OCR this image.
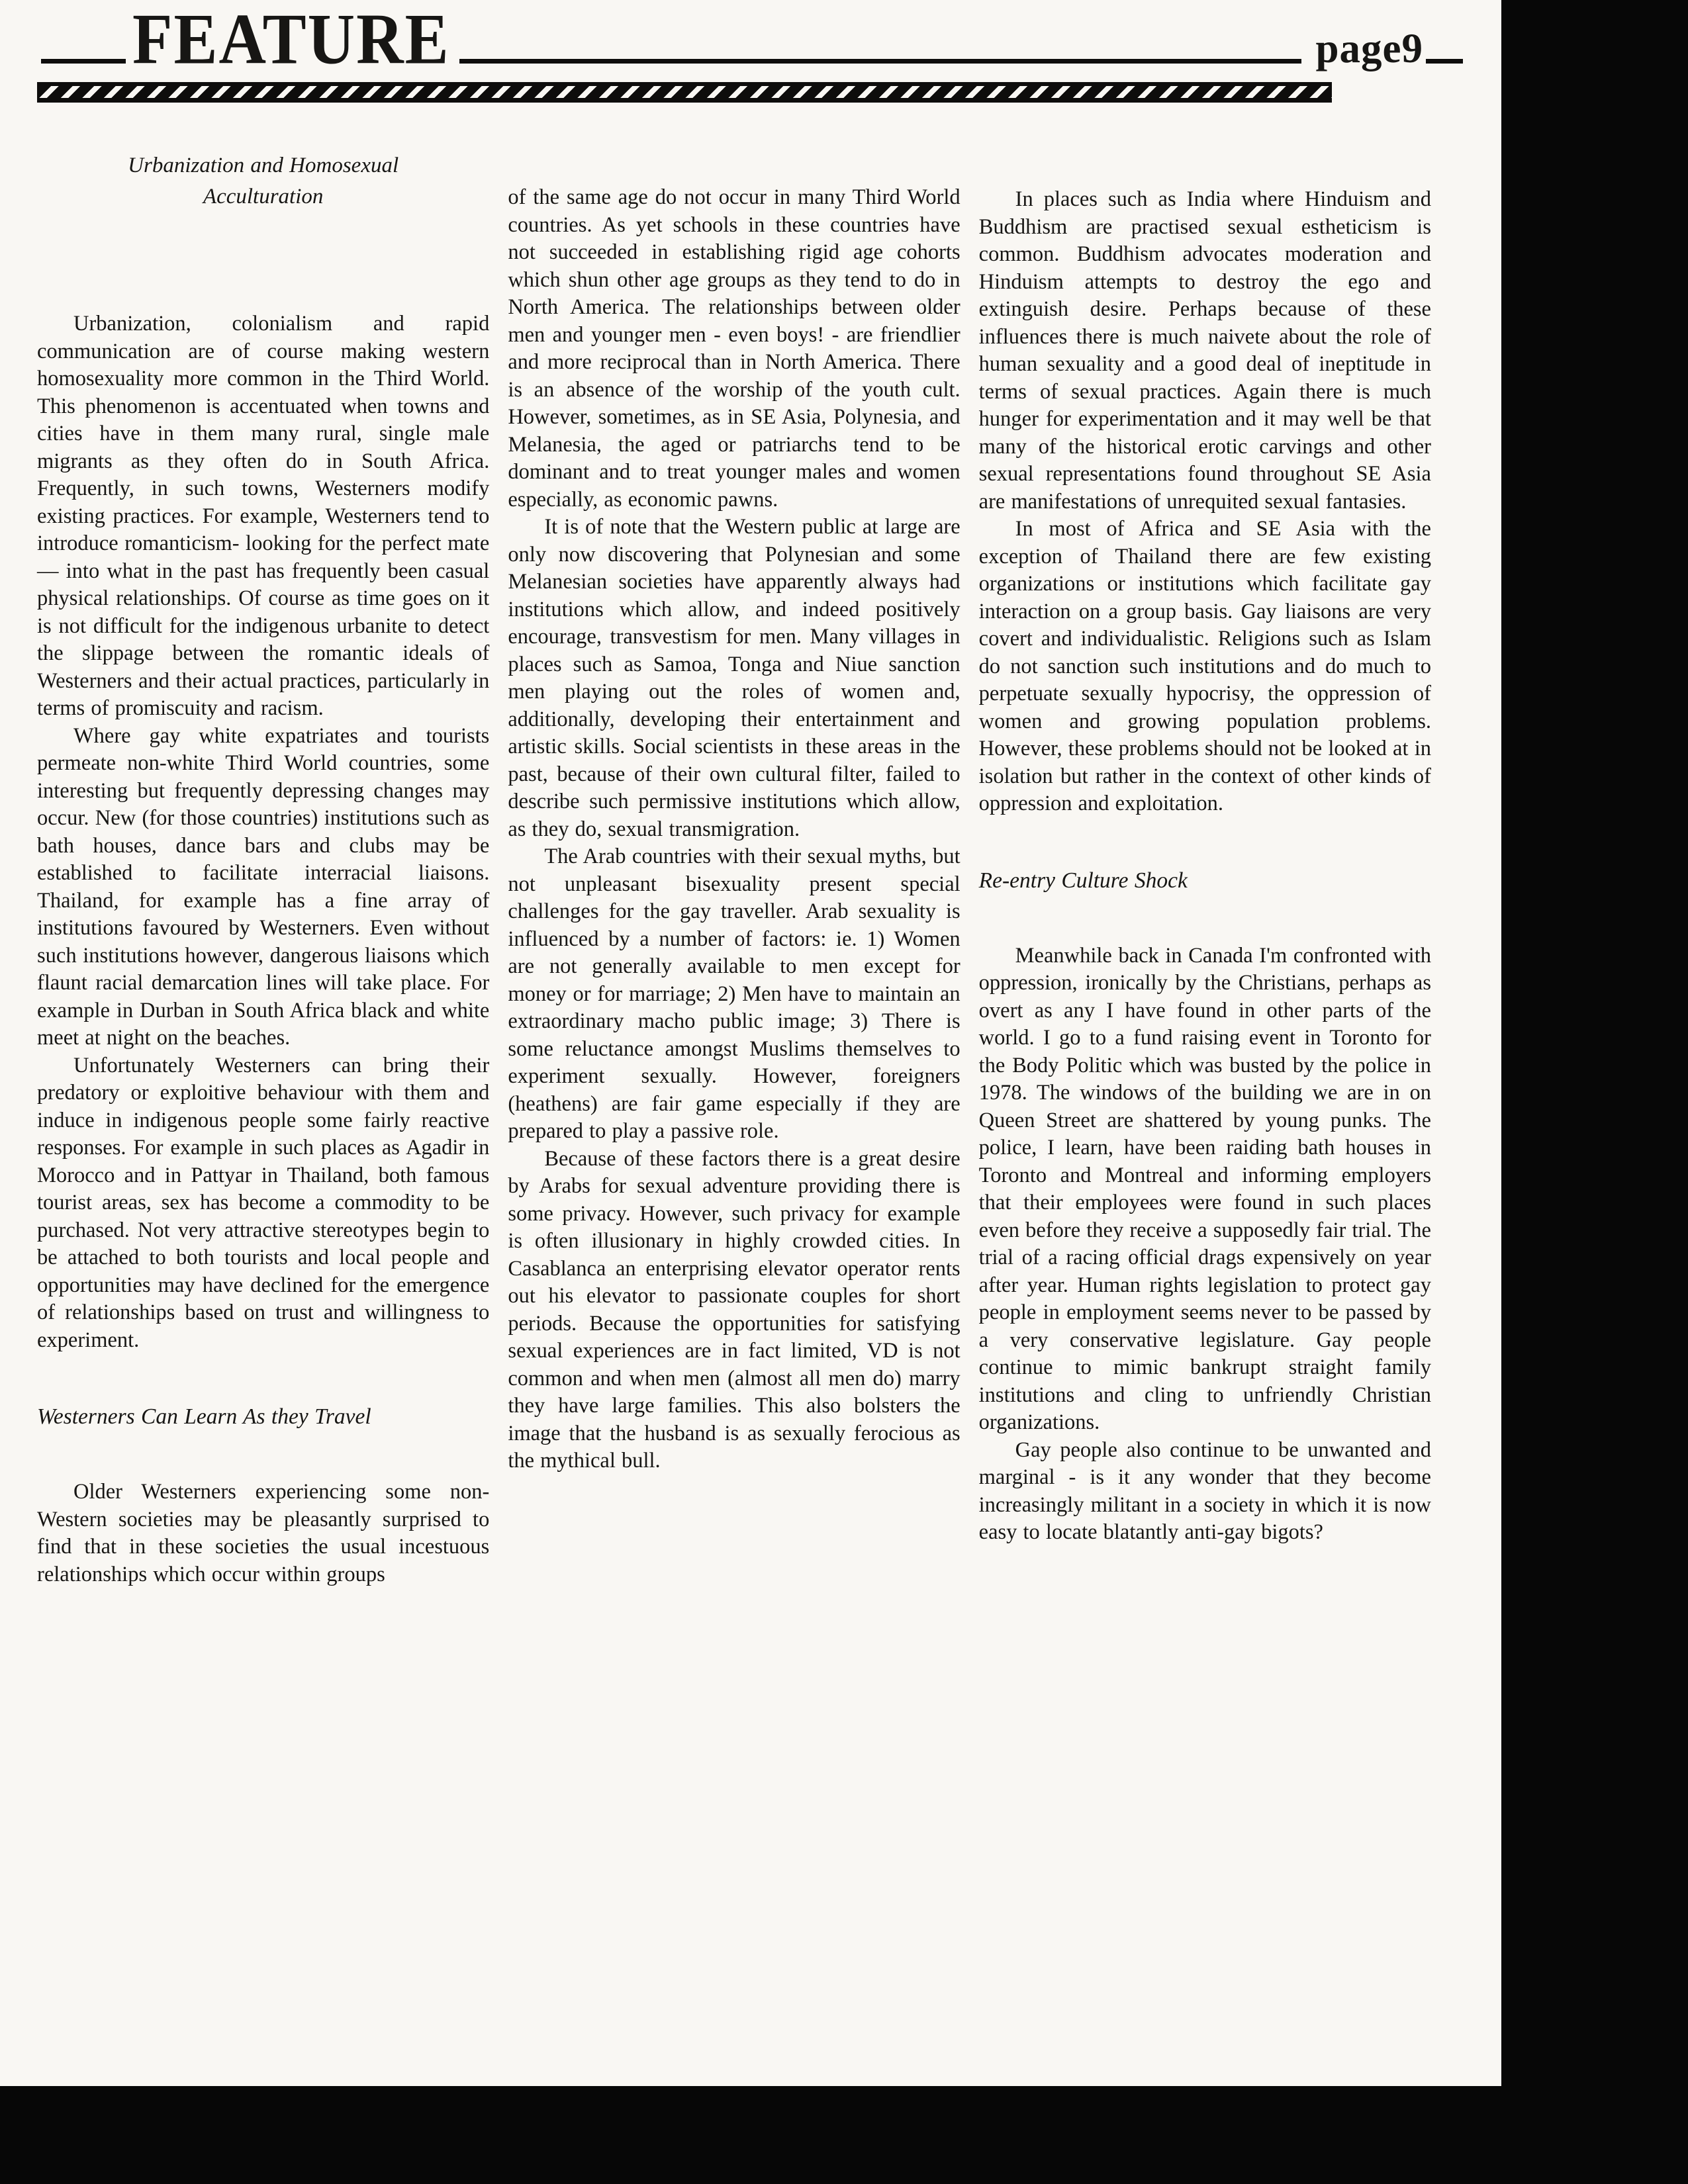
FEATURE	page9
Urbanization and Homosexual Acculturation

Urbanization, colonialism and rapid communication are of course making western homosexuality more common in the Third World. This phenomenon is accentuated when towns and cities have in them many rural, single male migrants as they often do in South Africa. Frequently, in such towns, Westerners modify existing practices. For example, Westerners tend to introduce romanticism- looking for the perfect mate — into what in the past has frequently been casual physical relationships. Of course as time goes on it is not difficult for the indigenous urbanite to detect the slippage between the romantic ideals of Westerners and their actual practices, particularly in terms of promiscuity and racism.

Where gay white expatriates and tourists permeate non-white Third World countries, some interesting but frequently depressing changes may occur. New (for those countries) institutions such as bath houses, dance bars and clubs may be established to facilitate interracial liaisons. Thailand, for example has a fine array of institutions favoured by Westerners. Even without such institutions however, dangerous liaisons which flaunt racial demarcation lines will take place. For example in Durban in South Africa black and white meet at night on the beaches.

Unfortunately Westerners can bring their predatory or exploitive behaviour with them and induce in indigenous people some fairly reactive responses. For example in such places as Agadir in Morocco and in Pattyar in Thailand, both famous tourist areas, sex has become a commodity to be purchased. Not very attractive stereotypes begin to be attached to both tourists and local people and opportunities may have declined for the emergence of relationships based on trust and willingness to experiment.

Westerners Can Learn As they Travel

Older Westerners experiencing some non-Western societies may be pleasantly surprised to find that in these societies the usual incestuous relationships which occur within groups

of the same age do not occur in many Third World countries. As yet schools in these countries have not succeeded in establishing rigid age cohorts which shun other age groups as they tend to do in North America. The relationships between older men and younger men - even boys! - are friendlier and more reciprocal than in North America. There is an absence of the worship of the youth cult. However, sometimes, as in SE Asia, Polynesia, and Melanesia, the aged or patriarchs tend to be dominant and to treat younger males and women especially, as economic pawns.

It is of note that the Western public at large are only now discovering that Polynesian and some Melanesian societies have apparently always had institutions which allow, and indeed positively encourage, transvestism for men. Many villages in places such as Samoa, Tonga and Niue sanction men playing out the roles of women and, additionally, developing their entertainment and artistic skills. Social scientists in these areas in the past, because of their own cultural filter, failed to describe such permissive institutions which allow, as they do, sexual transmigration.

The Arab countries with their sexual myths, but not unpleasant bisexuality present special challenges for the gay traveller. Arab sexuality is influenced by a number of factors: ie. 1) Women are not generally available to men except for money or for marriage; 2) Men have to maintain an extraordinary macho public image; 3) There is some reluctance amongst Muslims themselves to experiment sexually. However, foreigners (heathens) are fair game especially if they are prepared to play a passive role.

Because of these factors there is a great desire by Arabs for sexual adventure providing there is some privacy. However, such privacy for example is often illusionary in highly crowded cities. In Casablanca an enterprising elevator operator rents out his elevator to passionate couples for short periods. Because the opportunities for satisfying sexual experiences are in fact limited, VD is not common and when men (almost all men do) marry they have large families. This also bolsters the image that the husband is as sexually ferocious as the mythical bull.

In places such as India where Hinduism and Buddhism are practised sexual estheticism is common. Buddhism advocates moderation and Hinduism attempts to destroy the ego and extinguish desire. Perhaps because of these influences there is much naivete about the role of human sexuality and a good deal of ineptitude in terms of sexual practices. Again there is much hunger for experimentation and it may well be that many of the historical erotic carvings and other sexual representations found throughout SE Asia are manifestations of unrequited sexual fantasies.

In most of Africa and SE Asia with the exception of Thailand there are few existing organizations or institutions which facilitate gay interaction on a group basis. Gay liaisons are very covert and individualistic. Religions such as Islam do not sanction such institutions and do much to perpetuate sexually hypocrisy, the oppression of women and growing population problems. However, these problems should not be looked at in isolation but rather in the context of other kinds of oppression and exploitation.

Re-entry Culture Shock

Meanwhile back in Canada I'm confronted with oppression, ironically by the Christians, perhaps as overt as any I have found in other parts of the world. I go to a fund raising event in Toronto for the Body Politic which was busted by the police in 1978. The windows of the building we are in on Queen Street are shattered by young punks. The police, I learn, have been raiding bath houses in Toronto and Montreal and informing employers that their employees were found in such places even before they receive a supposedly fair trial. The trial of a racing official drags expensively on year after year. Human rights legislation to protect gay people in employment seems never to be passed by a very conservative legislature. Gay people continue to mimic bankrupt straight family institutions and cling to unfriendly Christian organizations.

Gay people also continue to be unwanted and marginal - is it any wonder that they become increasingly militant in a society in which it is now easy to locate blatantly anti-gay bigots?
